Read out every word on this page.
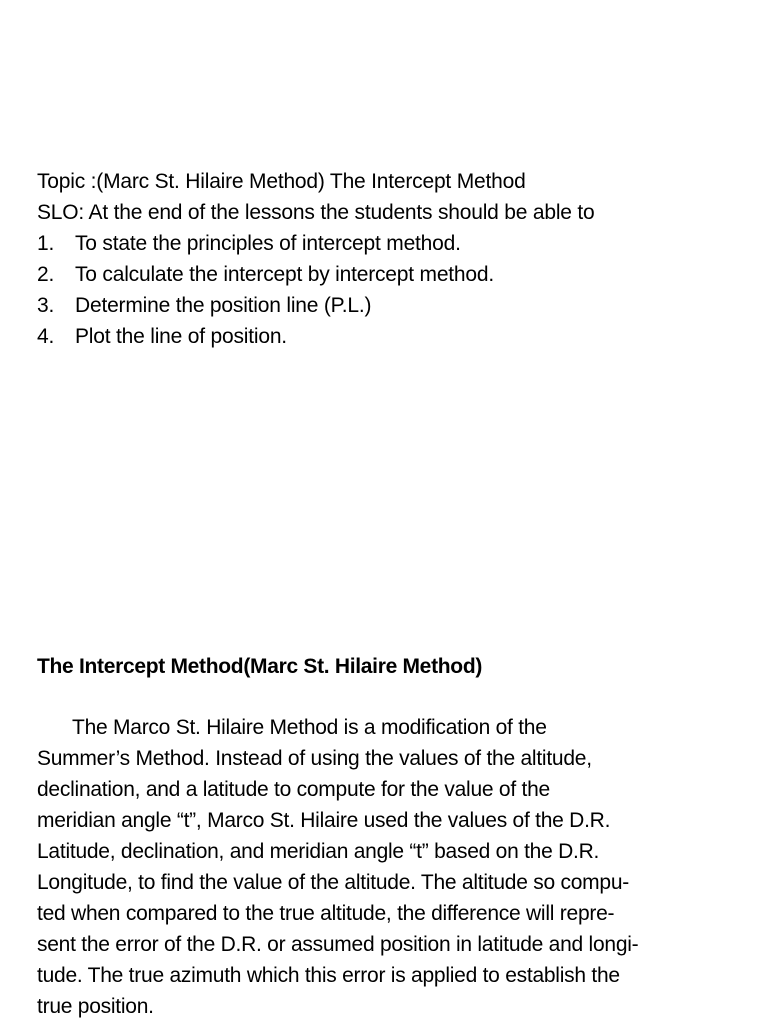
Topic :(Marc St. Hilaire Method) The Intercept Method
SLO: At the end of the lessons the students should be able to
1. To state the principles of intercept method.
2. To calculate the intercept by intercept method.
3. Determine the position line (P.L.)
4. Plot the line of position.
The Intercept Method(Marc St. Hilaire Method)
The Marco St. Hilaire Method is a modification of the
Summer’s Method. Instead of using the values of the altitude,
declination, and a latitude to compute for the value of the
meridian angle “t”, Marco St. Hilaire used the values of the D.R.
Latitude, declination, and meridian angle “t” based on the D.R.
Longitude, to find the value of the altitude. The altitude so compu-
ted when compared to the true altitude, the difference will repre-
sent the error of the D.R. or assumed position in latitude and longi-
tude. The true azimuth which this error is applied to establish the
true position.
